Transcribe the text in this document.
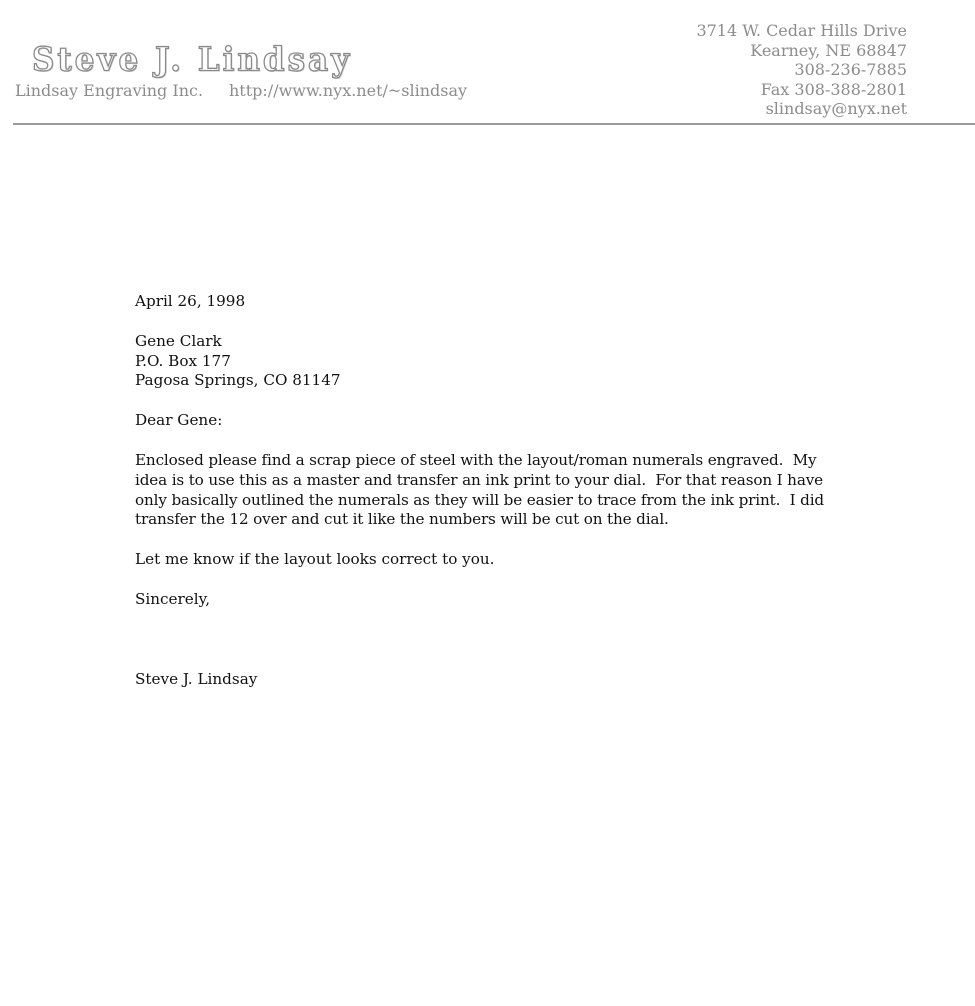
Steve J. Lindsay
Lindsay Engraving Inc. http://www.nyx.net/~slindsay
3714 W. Cedar Hills Drive
Kearney, NE 68847
308-236-7885
Fax 308-388-2801
slindsay@nyx.net

April 26, 1998

Gene Clark
P.O. Box 177
Pagosa Springs, CO 81147

Dear Gene:

Enclosed please find a scrap piece of steel with the layout/roman numerals engraved.  My idea is to use this as a master and transfer an ink print to your dial.  For that reason I have only basically outlined the numerals as they will be easier to trace from the ink print.  I did transfer the 12 over and cut it like the numbers will be cut on the dial.

Let me know if the layout looks correct to you.

Sincerely,

Steve J. Lindsay
